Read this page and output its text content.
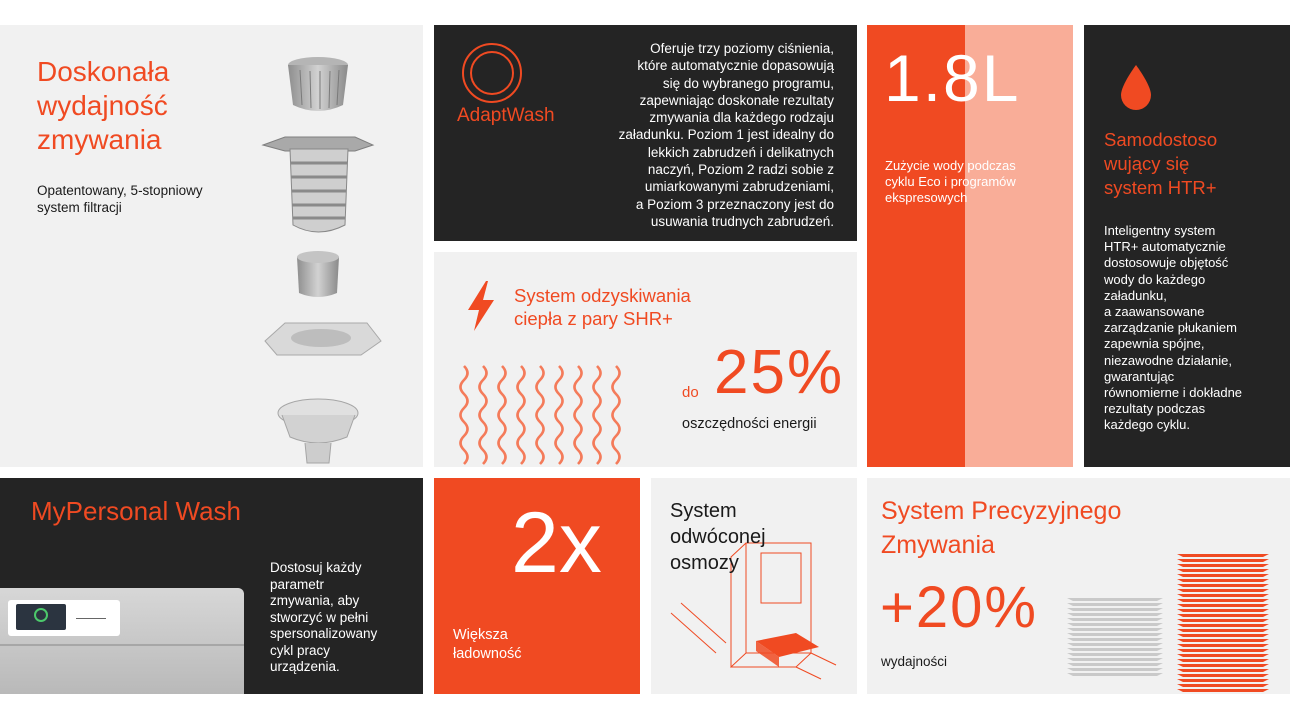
Doskonała
wydajność
zmywania
Opatentowany, 5-stopniowy
system filtracji
AdaptWash
Oferuje trzy poziomy ciśnienia,
które automatycznie dopasowują
się do wybranego programu,
zapewniając doskonałe rezultaty
zmywania dla każdego rodzaju
załadunku. Poziom 1 jest idealny do
lekkich zabrudzeń i delikatnych
naczyń, Poziom 2 radzi sobie z
umiarkowanymi zabrudzeniami,
a Poziom 3 przeznaczony jest do
usuwania trudnych zabrudzeń.
1.8L
Zużycie wody podczas
cyklu Eco i programów
ekspresowych
Samodostoso
wujący się
system HTR+
Inteligentny system
HTR+ automatycznie
dostosowuje objętość
wody do każdego
załadunku,
a zaawansowane
zarządzanie płukaniem
zapewnia spójne,
niezawodne działanie,
gwarantując
równomierne i dokładne
rezultaty podczas
każdego cyklu.
System odzyskiwania
ciepła z pary SHR+
do 25%
oszczędności energii
MyPersonal Wash
Dostosuj każdy
parametr
zmywania, aby
stworzyć w pełni
spersonalizowany
cykl pracy
urządzenia.
2x
Większa
ładowność
System
odwóconej
osmozy
System Precyzyjnego
Zmywania
+20%
wydajności
